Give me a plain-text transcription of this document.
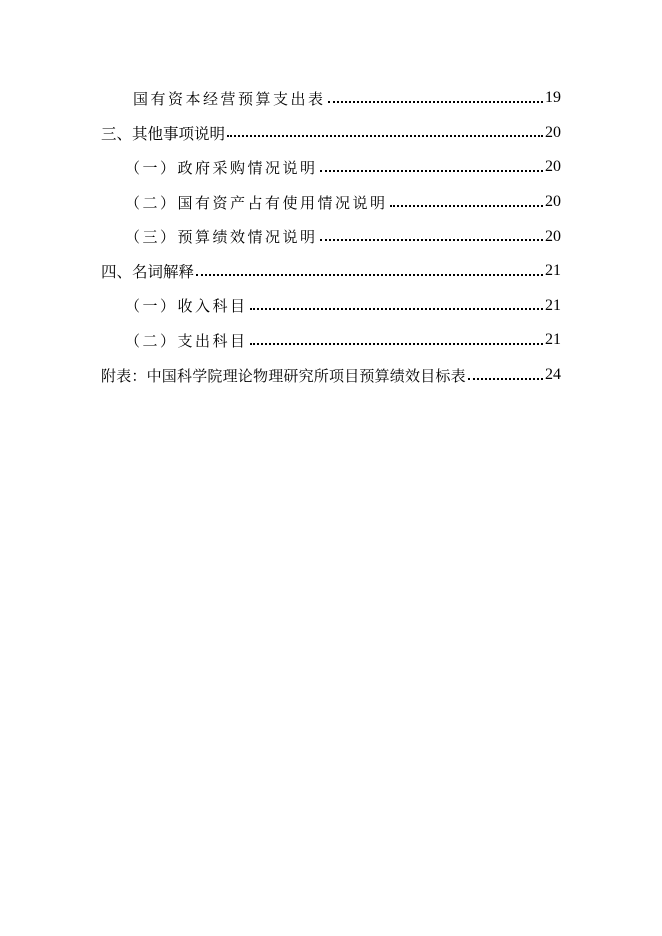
国有资本经营预算支出表	19
三、其他事项说明	20
（一）政府采购情况说明	20
（二）国有资产占有使用情况说明	20
（三）预算绩效情况说明	20
四、名词解释	21
（一）收入科目	21
（二）支出科目	21
附表：中国科学院理论物理研究所项目预算绩效目标表	24
